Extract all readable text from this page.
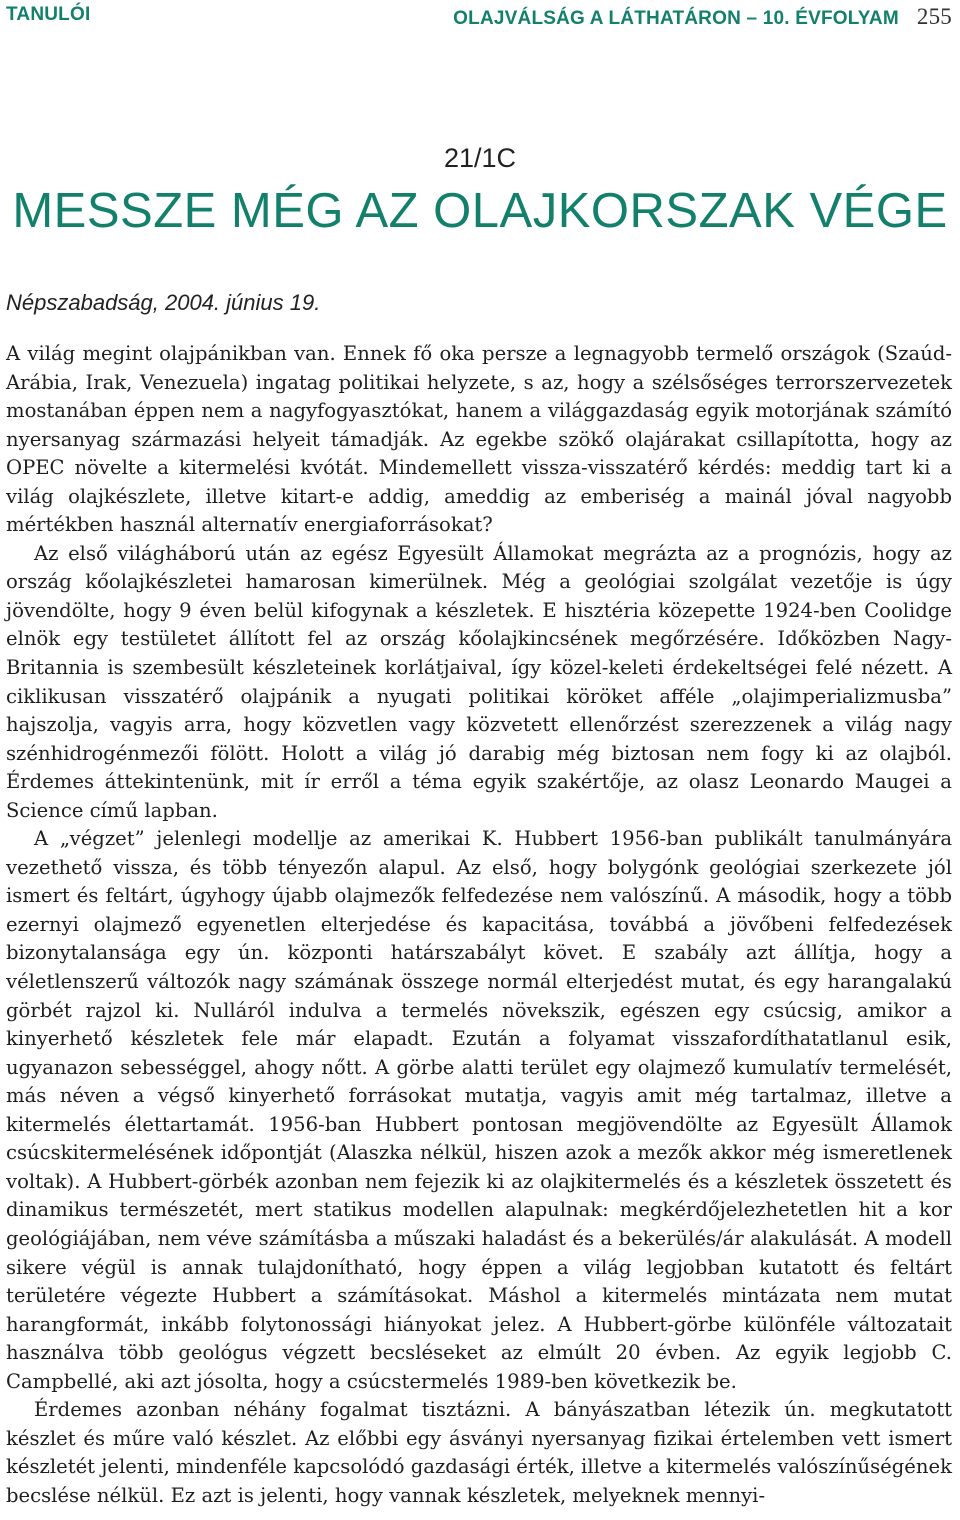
TANULÓI	OLAJVÁLSÁG A LÁTHATÁRON – 10. ÉVFOLYAM 255
21/1C
MESSZE MÉG AZ OLAJKORSZAK VÉGE
Népszabadság, 2004. június 19.

A világ megint olajpánikban van. Ennek fő oka persze a legnagyobb termelő országok (Szaúd-Arábia, Irak, Venezuela) ingatag politikai helyzete, s az, hogy a szélsőséges terrorszervezetek mostanában éppen nem a nagyfogyasztókat, hanem a világgazdaság egyik motorjának számító nyersanyag származási helyeit támadják. Az egekbe szökő olajárakat csillapította, hogy az OPEC növelte a kitermelési kvótát. Mindemellett vissza-visszatérő kérdés: meddig tart ki a világ olajkészlete, illetve kitart-e addig, ameddig az emberiség a mainál jóval nagyobb mértékben használ alternatív energiaforrásokat?

Az első világháború után az egész Egyesült Államokat megrázta az a prognózis, hogy az ország kőolajkészletei hamarosan kimerülnek. Még a geológiai szolgálat vezetője is úgy jövendölte, hogy 9 éven belül kifogynak a készletek. E hisztéria közepette 1924-ben Coolidge elnök egy testületet állított fel az ország kőolajkincsének megőrzésére. Időközben Nagy-Britannia is szembesült készleteinek korlátjaival, így közel-keleti érdekeltségei felé nézett. A ciklikusan visszatérő olajpánik a nyugati politikai köröket afféle „olajimperializmusba” hajszolja, vagyis arra, hogy közvetlen vagy közvetett ellenőrzést szerezzenek a világ nagy szénhidrogénmezői fölött. Holott a világ jó darabig még biztosan nem fogy ki az olajból. Érdemes áttekintenünk, mit ír erről a téma egyik szakértője, az olasz Leonardo Maugei a Science című lapban.

A „végzet” jelenlegi modellje az amerikai K. Hubbert 1956-ban publikált tanulmányára vezethető vissza, és több tényezőn alapul. Az első, hogy bolygónk geológiai szerkezete jól ismert és feltárt, úgyhogy újabb olajmezők felfedezése nem valószínű. A második, hogy a több ezernyi olajmező egyenetlen elterjedése és kapacitása, továbbá a jövőbeni felfedezések bizonytalansága egy ún. központi határszabályt követ. E szabály azt állítja, hogy a véletlenszerű változók nagy számának összege normál elterjedést mutat, és egy harangalakú görbét rajzol ki. Nulláról indulva a termelés növekszik, egészen egy csúcsig, amikor a kinyerhető készletek fele már elapadt. Ezután a folyamat visszafordíthatatlanul esik, ugyanazon sebességgel, ahogy nőtt. A görbe alatti terület egy olajmező kumulatív termelését, más néven a végső kinyerhető forrásokat mutatja, vagyis amit még tartalmaz, illetve a kitermelés élettartamát. 1956-ban Hubbert pontosan megjövendölte az Egyesült Államok csúcskitermelésének időpontját (Alaszka nélkül, hiszen azok a mezők akkor még ismeretlenek voltak). A Hubbert-görbék azonban nem fejezik ki az olajkitermelés és a készletek összetett és dinamikus természetét, mert statikus modellen alapulnak: megkérdőjelezhetetlen hit a kor geológiájában, nem véve számításba a műszaki haladást és a bekerülés/ár alakulását. A modell sikere végül is annak tulajdonítható, hogy éppen a világ legjobban kutatott és feltárt területére végezte Hubbert a számításokat. Máshol a kitermelés mintázata nem mutat harangformát, inkább folytonossági hiányokat jelez. A Hubbert-görbe különféle változatait használva több geológus végzett becsléseket az elmúlt 20 évben. Az egyik legjobb C. Campbellé, aki azt jósolta, hogy a csúcstermelés 1989-ben következik be.

Érdemes azonban néhány fogalmat tisztázni. A bányászatban létezik ún. megkutatott készlet és műre való készlet. Az előbbi egy ásványi nyersanyag fizikai értelemben vett ismert készletét jelenti, mindenféle kapcsolódó gazdasági érték, illetve a kitermelés valószínűségének becslése nélkül. Ez azt is jelenti, hogy vannak készletek, melyeknek mennyi-
